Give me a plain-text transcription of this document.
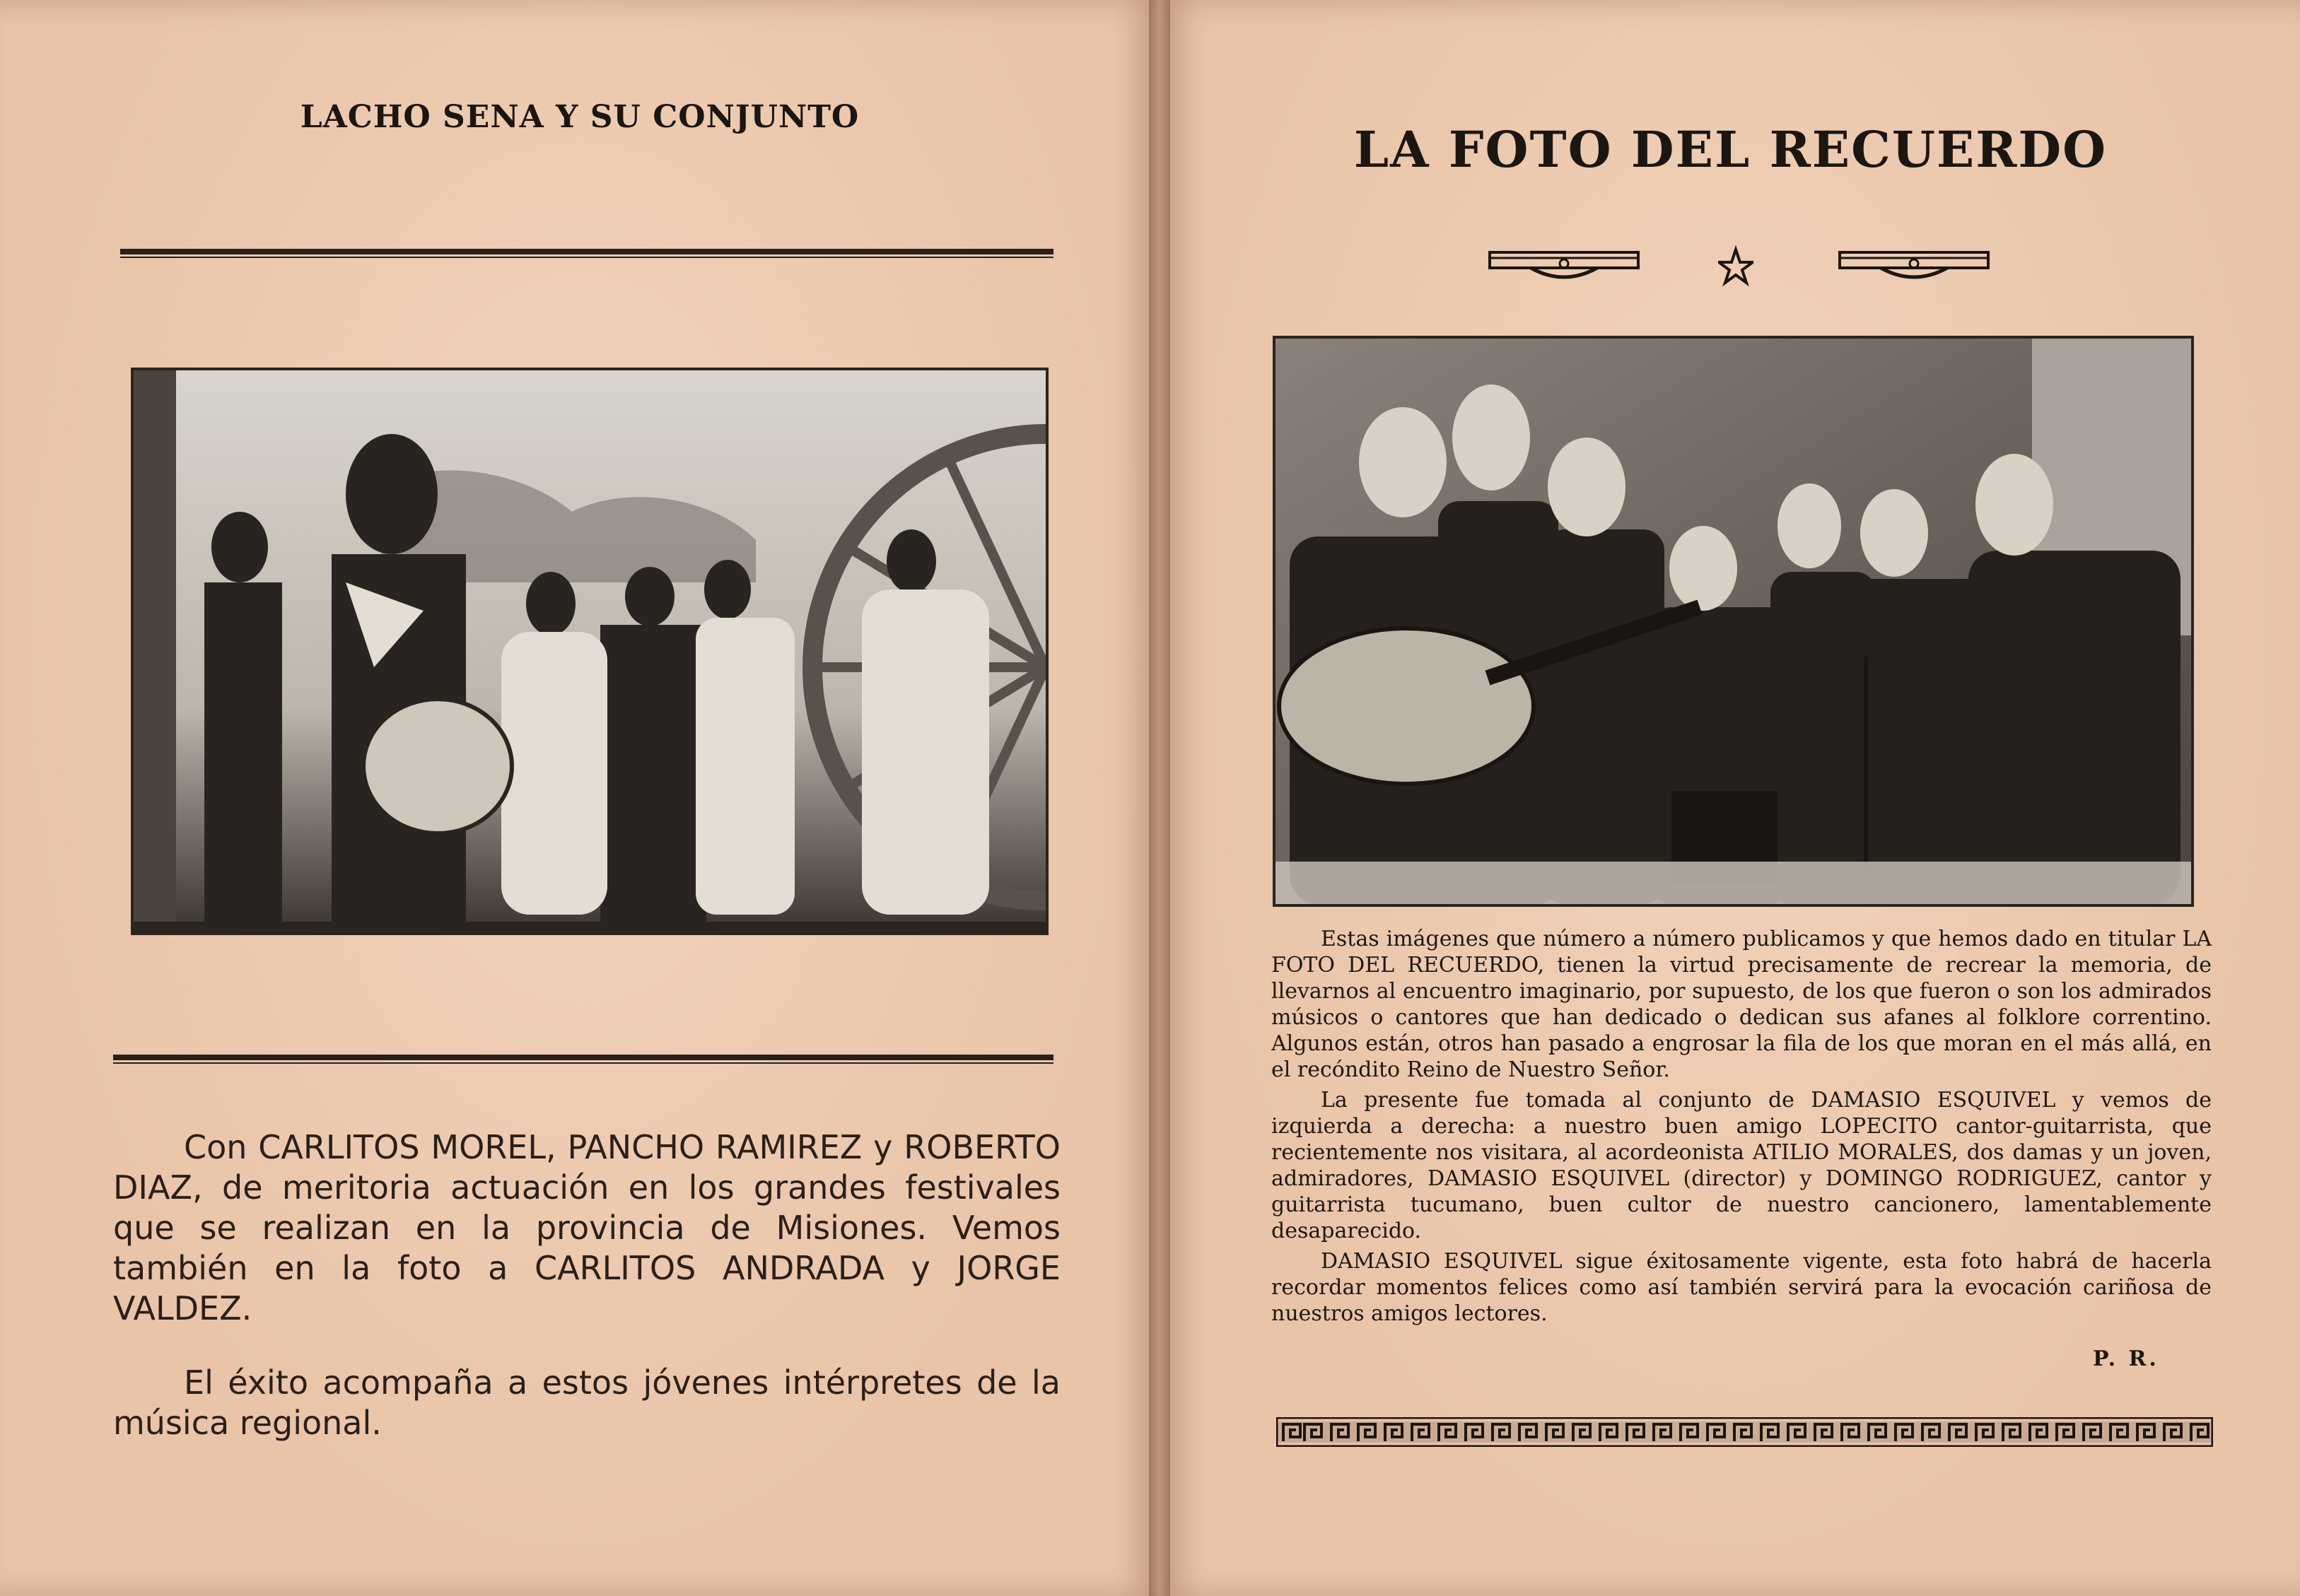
LACHO SENA Y SU CONJUNTO

Con CARLITOS MOREL, PANCHO RAMIREZ y ROBERTO DIAZ, de meritoria actuación en los grandes festivales que se realizan en la provincia de Misiones. Vemos también en la foto a CARLITOS ANDRADA y JORGE VALDEZ.

El éxito acompaña a estos jóvenes intérpretes de la música regional.

LA FOTO DEL RECUERDO

Estas imágenes que número a número publicamos y que hemos dado en titular LA FOTO DEL RECUERDO, tienen la virtud precisamente de recrear la memoria, de llevarnos al encuentro imaginario, por supuesto, de los que fueron o son los admirados músicos o cantores que han dedicado o dedican sus afanes al folklore correntino. Algunos están, otros han pasado a engrosar la fila de los que moran en el más allá, en el recóndito Reino de Nuestro Señor.

La presente fue tomada al conjunto de DAMASIO ESQUIVEL y vemos de izquierda a derecha: a nuestro buen amigo LOPECITO cantor-guitarrista, que recientemente nos visitara, al acordeonista ATILIO MORALES, dos damas y un joven, admiradores, DAMASIO ESQUIVEL (director) y DOMINGO RODRIGUEZ, cantor y guitarrista tucumano, buen cultor de nuestro cancionero, lamentablemente desaparecido.

DAMASIO ESQUIVEL sigue éxitosamente vigente, esta foto habrá de hacerla recordar momentos felices como así también servirá para la evocación cariñosa de nuestros amigos lectores.

P. R.
